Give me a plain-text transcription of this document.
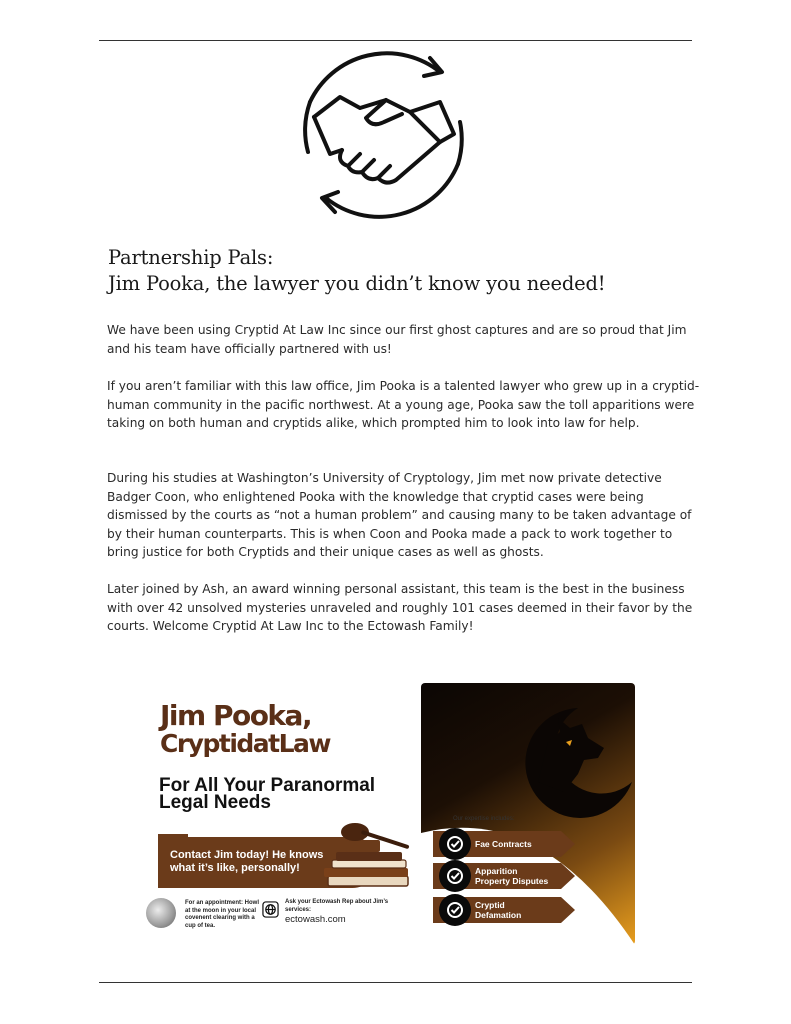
Partnership Pals:
Jim Pooka, the lawyer you didn’t know you needed!

We have been using Cryptid At Law Inc since our first ghost captures and are so proud that Jim and his team have officially partnered with us!

If you aren’t familiar with this law office, Jim Pooka is a talented lawyer who grew up in a cryptid-human community in the pacific northwest. At a young age, Pooka saw the toll apparitions were taking on both human and cryptids alike, which prompted him to look into law for help.

During his studies at Washington’s University of Cryptology, Jim met now private detective Badger Coon, who enlightened Pooka with the knowledge that cryptid cases were being dismissed by the courts as “not a human problem” and causing many to be taken advantage of by their human counterparts. This is when Coon and Pooka made a pack to work together to bring justice for both Cryptids and their unique cases as well as ghosts.

Later joined by Ash, an award winning personal assistant, this team is the best in the business with over 42 unsolved mysteries unraveled and roughly 101 cases deemed in their favor by the courts. Welcome Cryptid At Law Inc to the Ectowash Family!

Jim Pooka,
CryptidatLaw
For All Your Paranormal
Legal Needs
Contact Jim today! He knows
what it’s like, personally!
For an appointment: Howl at the moon in your local covenent clearing with a cup of tea.
Ask your Ectowash Rep about Jim’s services:
ectowash.com
Our expertise includes:
Fae Contracts
Apparition
Property Disputes
Cryptid
Defamation
